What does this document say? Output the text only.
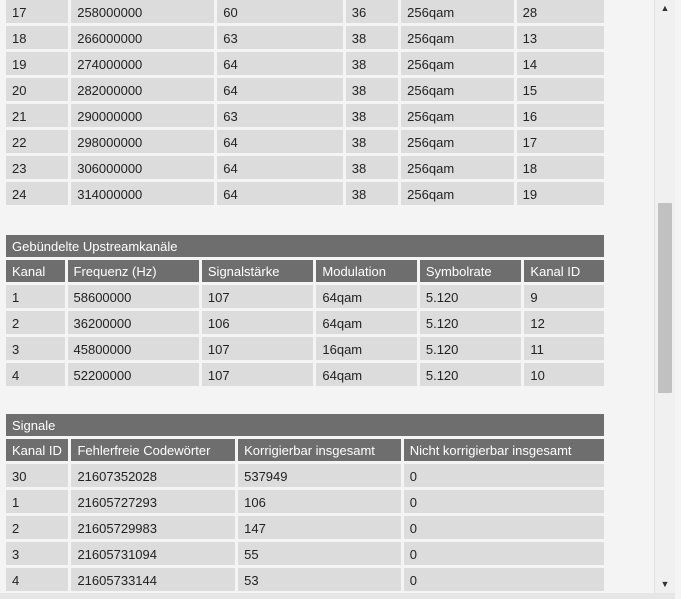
17	258000000	60	36	256qam	28
18	266000000	63	38	256qam	13
19	274000000	64	38	256qam	14
20	282000000	64	38	256qam	15
21	290000000	63	38	256qam	16
22	298000000	64	38	256qam	17
23	306000000	64	38	256qam	18
24	314000000	64	38	256qam	19
Gebündelte Upstreamkanäle					
Kanal	Frequenz (Hz)	Signalstärke	Modulation	Symbolrate	Kanal ID
1	58600000	107	64qam	5.120	9
2	36200000	106	64qam	5.120	12
3	45800000	107	16qam	5.120	11
4	52200000	107	64qam	5.120	10
Signale			
Kanal ID	Fehlerfreie Codewörter	Korrigierbar insgesamt	Nicht korrigierbar insgesamt
30	21607352028	537949	0
1	21605727293	106	0
2	21605729983	147	0
3	21605731094	55	0
4	21605733144	53	0
▲
▼
